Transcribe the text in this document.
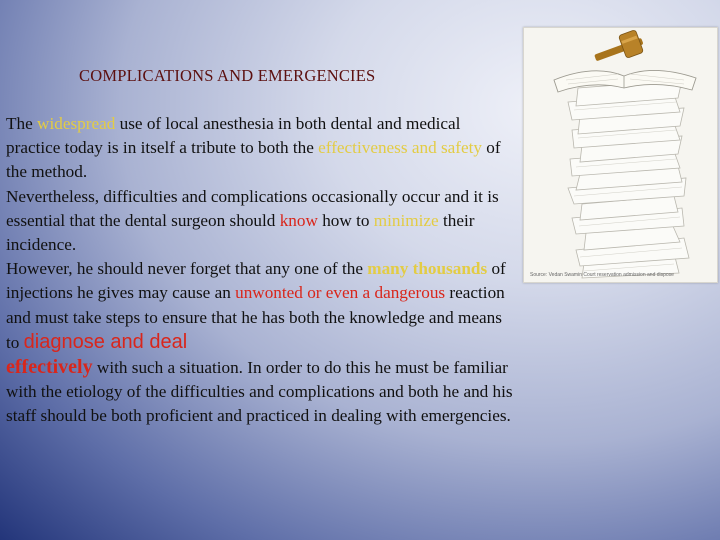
COMPLICATIONS AND EMERGENCIES
The widespread use of local anesthesia in both dental and medical practice today is in itself a tribute to both the effectiveness and safety of the method.
Nevertheless, difficulties and complications occasionally occur and it is essential that the dental surgeon should know how to minimize their incidence.
However, he should never forget that any one of the many thousands of injections he gives may cause an unwonted or even a dangerous reaction and must take steps to ensure that he has both the knowledge and means to diagnose and deal
effectively with such a situation. In order to do this he must be familiar with the etiology of the difficulties and complications and both he and his staff should be both proficient and practiced in dealing with emergencies.
Source: Vedan Swamin Court reservation admission and dispose
